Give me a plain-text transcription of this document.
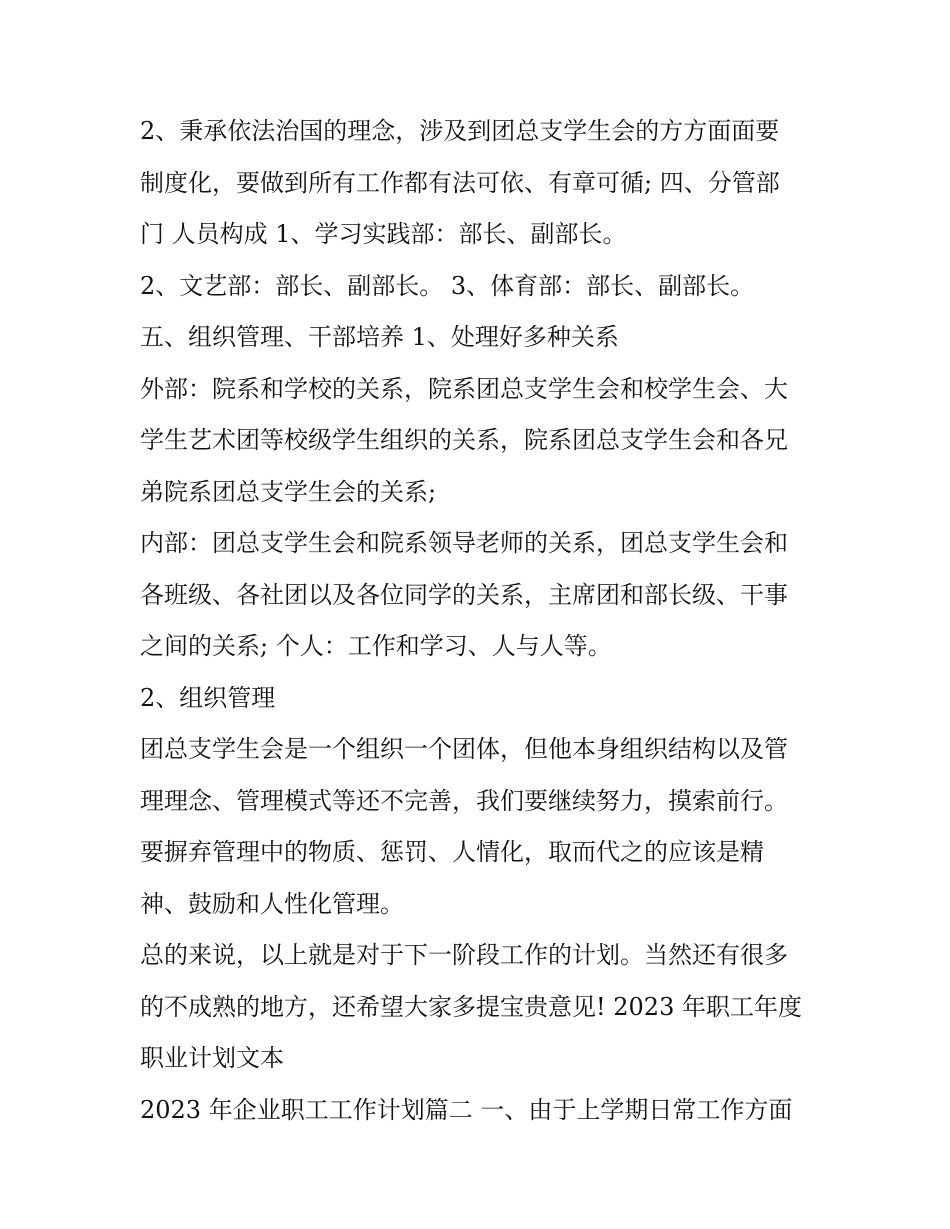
2、秉承依法治国的理念，涉及到团总支学生会的方方面面要
制度化，要做到所有工作都有法可依、有章可循; 四、分管部
门 人员构成 1、学习实践部：部长、副部长。
2、文艺部：部长、副部长。 3、体育部：部长、副部长。
五、组织管理、干部培养 1、处理好多种关系
外部：院系和学校的关系，院系团总支学生会和校学生会、大
学生艺术团等校级学生组织的关系，院系团总支学生会和各兄
弟院系团总支学生会的关系;
内部：团总支学生会和院系领导老师的关系，团总支学生会和
各班级、各社团以及各位同学的关系，主席团和部长级、干事
之间的关系; 个人：工作和学习、人与人等。
2、组织管理
团总支学生会是一个组织一个团体，但他本身组织结构以及管
理理念、管理模式等还不完善，我们要继续努力，摸索前行。
要摒弃管理中的物质、惩罚、人情化，取而代之的应该是精
神、鼓励和人性化管理。
总的来说，以上就是对于下一阶段工作的计划。当然还有很多
的不成熟的地方，还希望大家多提宝贵意见! 2023 年职工年度
职业计划文本
2023 年企业职工工作计划篇二 一、由于上学期日常工作方面
